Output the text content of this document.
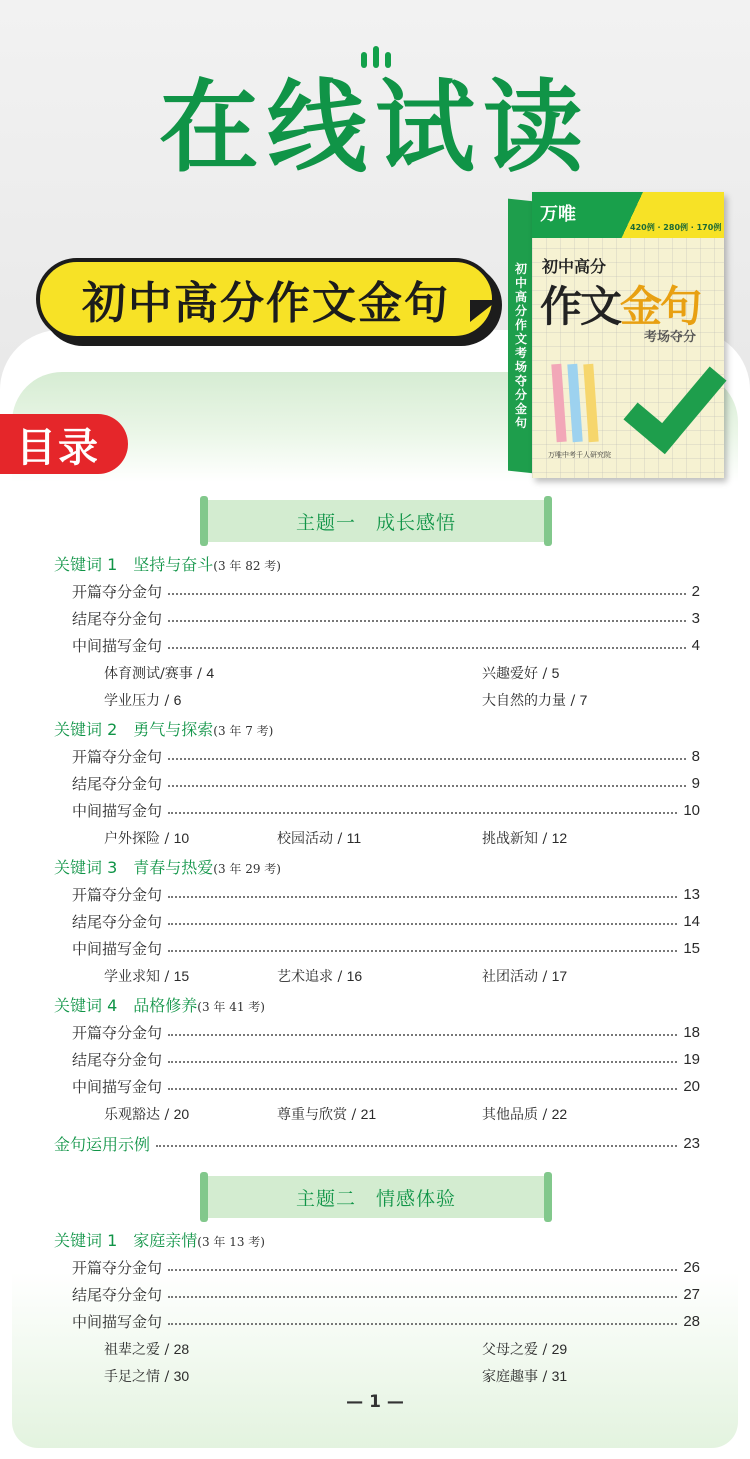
在线试读
初中高分作文金句
初中高分作文考场夺分金句
万唯
420例 · 280例 · 170例
初中高分
作文金句
考场夺分
万唯中考千人研究院
目录
主题一　成长感悟
关键词 1　坚持与奋斗(3 年 82 考)
开篇夺分金句	2
结尾夺分金句	3
中间描写金句	4
体育测试/赛事 / 4	兴趣爱好 / 5
学业压力 / 6	大自然的力量 / 7
关键词 2　勇气与探索(3 年 7 考)
开篇夺分金句	8
结尾夺分金句	9
中间描写金句	10
户外探险 / 10	校园活动 / 11	挑战新知 / 12
关键词 3　青春与热爱(3 年 29 考)
开篇夺分金句	13
结尾夺分金句	14
中间描写金句	15
学业求知 / 15	艺术追求 / 16	社团活动 / 17
关键词 4　品格修养(3 年 41 考)
开篇夺分金句	18
结尾夺分金句	19
中间描写金句	20
乐观豁达 / 20	尊重与欣赏 / 21	其他品质 / 22
金句运用示例	23
主题二　情感体验
关键词 1　家庭亲情(3 年 13 考)
开篇夺分金句	26
结尾夺分金句	27
中间描写金句	28
祖辈之爱 / 28	父母之爱 / 29
手足之情 / 30	家庭趣事 / 31
— 1 —
